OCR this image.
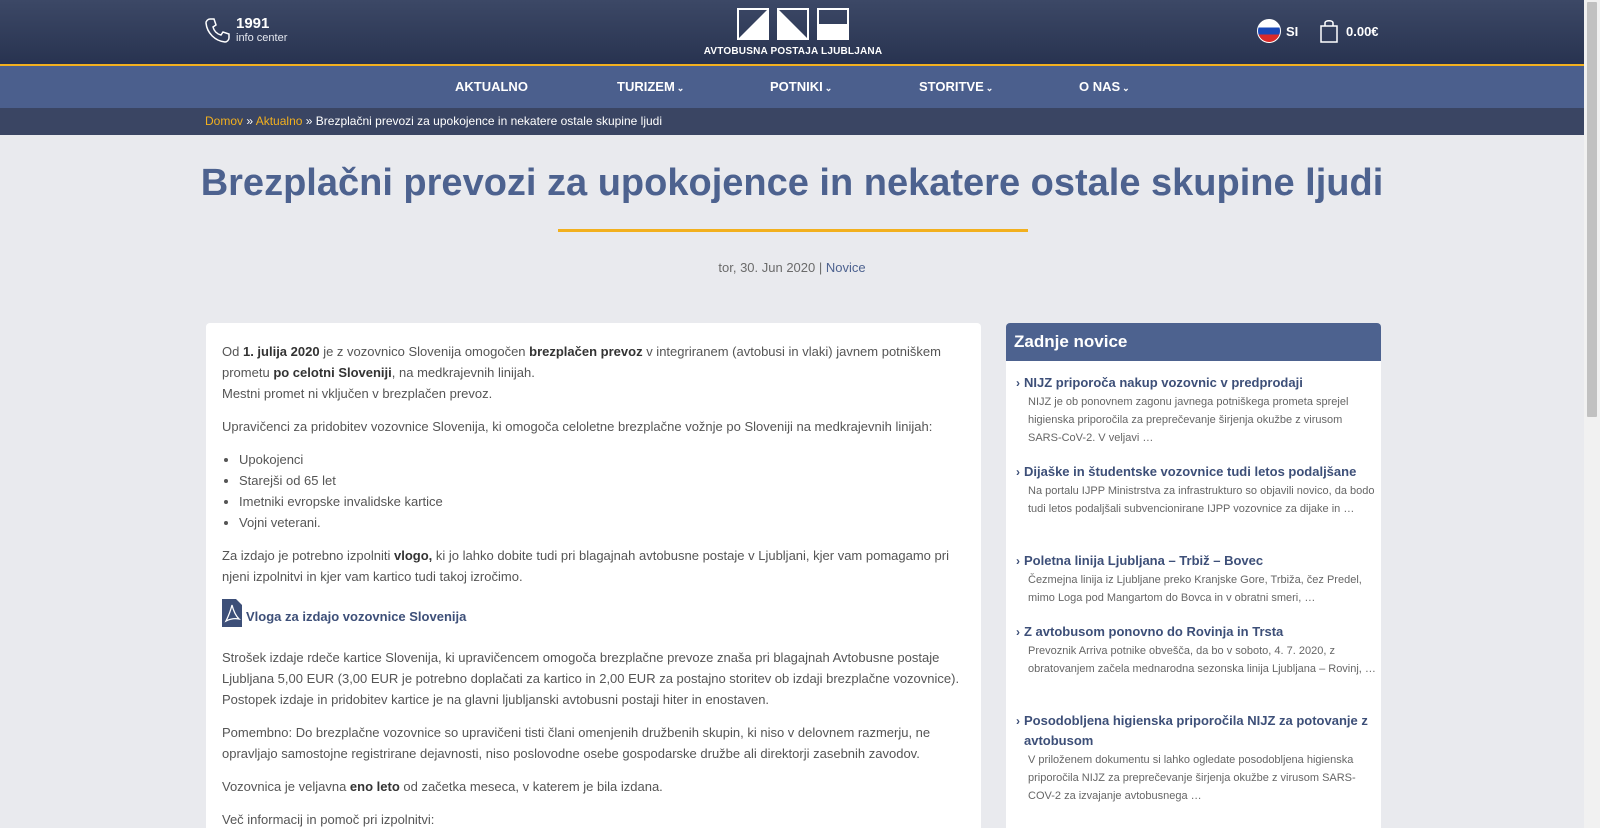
1991
info center
AVTOBUSNA POSTAJA LJUBLJANA
SI	0.00€
AKTUALNO	TURIZEM ⌄	POTNIKI ⌄	STORITVE ⌄	O NAS ⌄
Domov » Aktualno » Brezplačni prevozi za upokojence in nekatere ostale skupine ljudi
Brezplačni prevozi za upokojence in nekatere ostale skupine ljudi
tor, 30. Jun 2020 | Novice

Od 1. julija 2020 je z vozovnico Slovenija omogočen brezplačen prevoz v integriranem (avtobusi in vlaki) javnem potniškem prometu po celotni Sloveniji, na medkrajevnih linijah.
Mestni promet ni vključen v brezplačen prevoz.

Upravičenci za pridobitev vozovnice Slovenija, ki omogoča celoletne brezplačne vožnje po Sloveniji na medkrajevnih linijah:

• Upokojenci
• Starejši od 65 let
• Imetniki evropske invalidske kartice
• Vojni veterani.

Za izdajo je potrebno izpolniti vlogo, ki jo lahko dobite tudi pri blagajnah avtobusne postaje v Ljubljani, kjer vam pomagamo pri njeni izpolnitvi in kjer vam kartico tudi takoj izročimo.

Vloga za izdajo vozovnice Slovenija

Strošek izdaje rdeče kartice Slovenija, ki upravičencem omogoča brezplačne prevoze znaša pri blagajnah Avtobusne postaje Ljubljana 5,00 EUR (3,00 EUR je potrebno doplačati za kartico in 2,00 EUR za postajno storitev ob izdaji brezplačne vozovnice). Postopek izdaje in pridobitev kartice je na glavni ljubljanski avtobusni postaji hiter in enostaven.

Pomembno: Do brezplačne vozovnice so upravičeni tisti člani omenjenih družbenih skupin, ki niso v delovnem razmerju, ne opravljajo samostojne registrirane dejavnosti, niso poslovodne osebe gospodarske družbe ali direktorji zasebnih zavodov.

Vozovnica je veljavna eno leto od začetka meseca, v katerem je bila izdana.

Več informacij in pomoč pri izpolnitvi:

Zadnje novice
› NIJZ priporoča nakup vozovnic v predprodaji
NIJZ je ob ponovnem zagonu javnega potniškega prometa sprejel higienska priporočila za preprečevanje širjenja okužbe z virusom SARS-CoV-2. V veljavi …
› Dijaške in študentske vozovnice tudi letos podaljšane
Na portalu IJPP Ministrstva za infrastrukturo so objavili novico, da bodo tudi letos podaljšali subvencionirane IJPP vozovnice za dijake in …
› Poletna linija Ljubljana – Trbiž – Bovec
Čezmejna linija iz Ljubljane preko Kranjske Gore, Trbiža, čez Predel, mimo Loga pod Mangartom do Bovca in v obratni smeri, …
› Z avtobusom ponovno do Rovinja in Trsta
Prevoznik Arriva potnike obvešča, da bo v soboto, 4. 7. 2020, z obratovanjem začela mednarodna sezonska linija Ljubljana – Rovinj, …
› Posodobljena higienska priporočila NIJZ za potovanje z avtobusom
V priloženem dokumentu si lahko ogledate posodobljena higienska priporočila NIJZ za preprečevanje širjenja okužbe z virusom SARS-COV-2 za izvajanje avtobusnega …
